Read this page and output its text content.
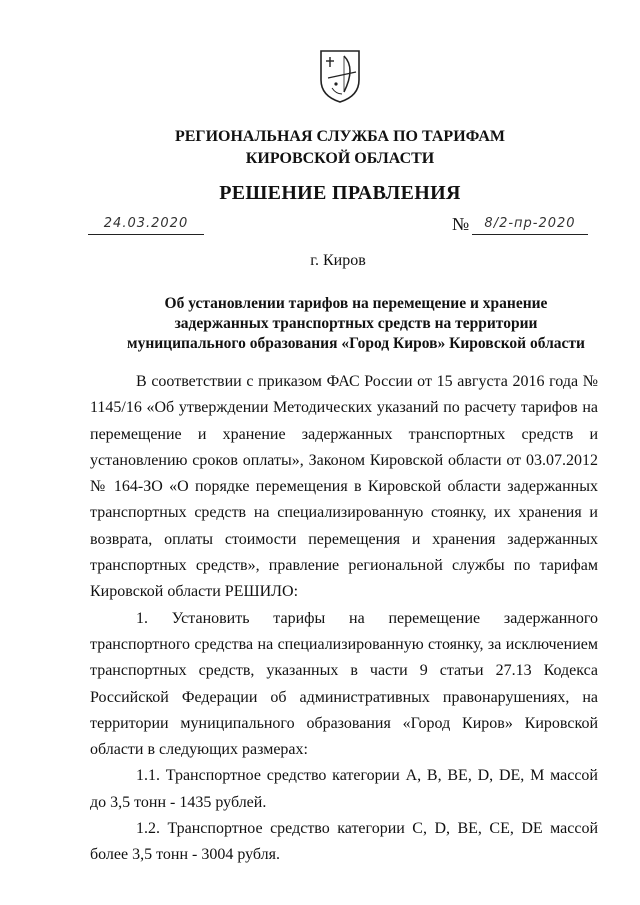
РЕГИОНАЛЬНАЯ СЛУЖБА ПО ТАРИФАМ
КИРОВСКОЙ ОБЛАСТИ
РЕШЕНИЕ ПРАВЛЕНИЯ
24.03.2020	№	8/2-пр-2020
г. Киров
Об установлении тарифов на перемещение и хранение
задержанных транспортных средств на территории
муниципального образования «Город Киров» Кировской области

В соответствии с приказом ФАС России от 15 августа 2016 года № 1145/16 «Об утверждении Методических указаний по расчету тарифов на перемещение и хранение задержанных транспортных средств и установлению сроков оплаты», Законом Кировской области от 03.07.2012 № 164-ЗО «О порядке перемещения в Кировской области задержанных транспортных средств на специализированную стоянку, их хранения и возврата, оплаты стоимости перемещения и хранения задержанных транспортных средств», правление региональной службы по тарифам Кировской области РЕШИЛО:

1. Установить тарифы на перемещение задержанного транспортного средства на специализированную стоянку, за исключением транспортных средств, указанных в части 9 статьи 27.13 Кодекса Российской Федерации об административных правонарушениях, на территории муниципального образования «Город Киров» Кировской области в следующих размерах:

1.1. Транспортное средство категории A, B, BE, D, DE, M массой до 3,5 тонн - 1435 рублей.

1.2. Транспортное средство категории C, D, BE, CE, DE массой более 3,5 тонн - 3004 рубля.
